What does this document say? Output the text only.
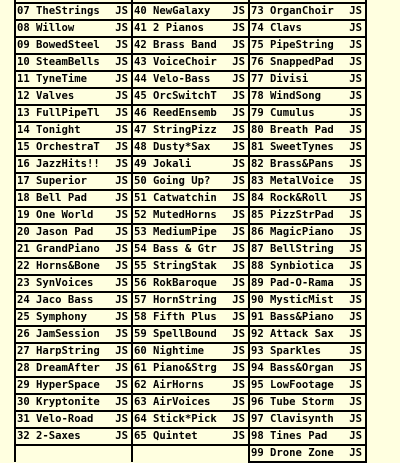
07	TheStrings	JS	40	NewGalaxy	JS	73	OrganChoir	JS
08	Willow	JS	41	2 Pianos	JS	74	Clavs	JS
09	BowedSteel	JS	42	Brass Band	JS	75	PipeString	JS
10	SteamBells	JS	43	VoiceChoir	JS	76	SnappedPad	JS
11	TyneTime	JS	44	Velo-Bass	JS	77	Divisi	JS
12	Valves	JS	45	OrcSwitchT	JS	78	WindSong	JS
13	FullPipeTl	JS	46	ReedEnsemb	JS	79	Cumulus	JS
14	Tonight	JS	47	StringPizz	JS	80	Breath Pad	JS
15	OrchestraT	JS	48	Dusty*Sax	JS	81	SweetTynes	JS
16	JazzHits!!	JS	49	Jokali	JS	82	Brass&Pans	JS
17	Superior	JS	50	Going Up?	JS	83	MetalVoice	JS
18	Bell Pad	JS	51	Catwatchin	JS	84	Rock&Roll	JS
19	One World	JS	52	MutedHorns	JS	85	PizzStrPad	JS
20	Jason Pad	JS	53	MediumPipe	JS	86	MagicPiano	JS
21	GrandPiano	JS	54	Bass & Gtr	JS	87	BellString	JS
22	Horns&Bone	JS	55	StringStak	JS	88	Synbiotica	JS
23	SynVoices	JS	56	RokBaroque	JS	89	Pad-O-Rama	JS
24	Jaco Bass	JS	57	HornString	JS	90	MysticMist	JS
25	Symphony	JS	58	Fifth Plus	JS	91	Bass&Piano	JS
26	JamSession	JS	59	SpellBound	JS	92	Attack Sax	JS
27	HarpString	JS	60	Nightime	JS	93	Sparkles	JS
28	DreamAfter	JS	61	Piano&Strg	JS	94	Bass&Organ	JS
29	HyperSpace	JS	62	AirHorns	JS	95	LowFootage	JS
30	Kryptonite	JS	63	AirVoices	JS	96	Tube Storm	JS
31	Velo-Road	JS	64	Stick*Pick	JS	97	Clavisynth	JS
32	2-Saxes	JS	65	Quintet	JS	98	Tines Pad	JS
						99	Drone Zone	JS
